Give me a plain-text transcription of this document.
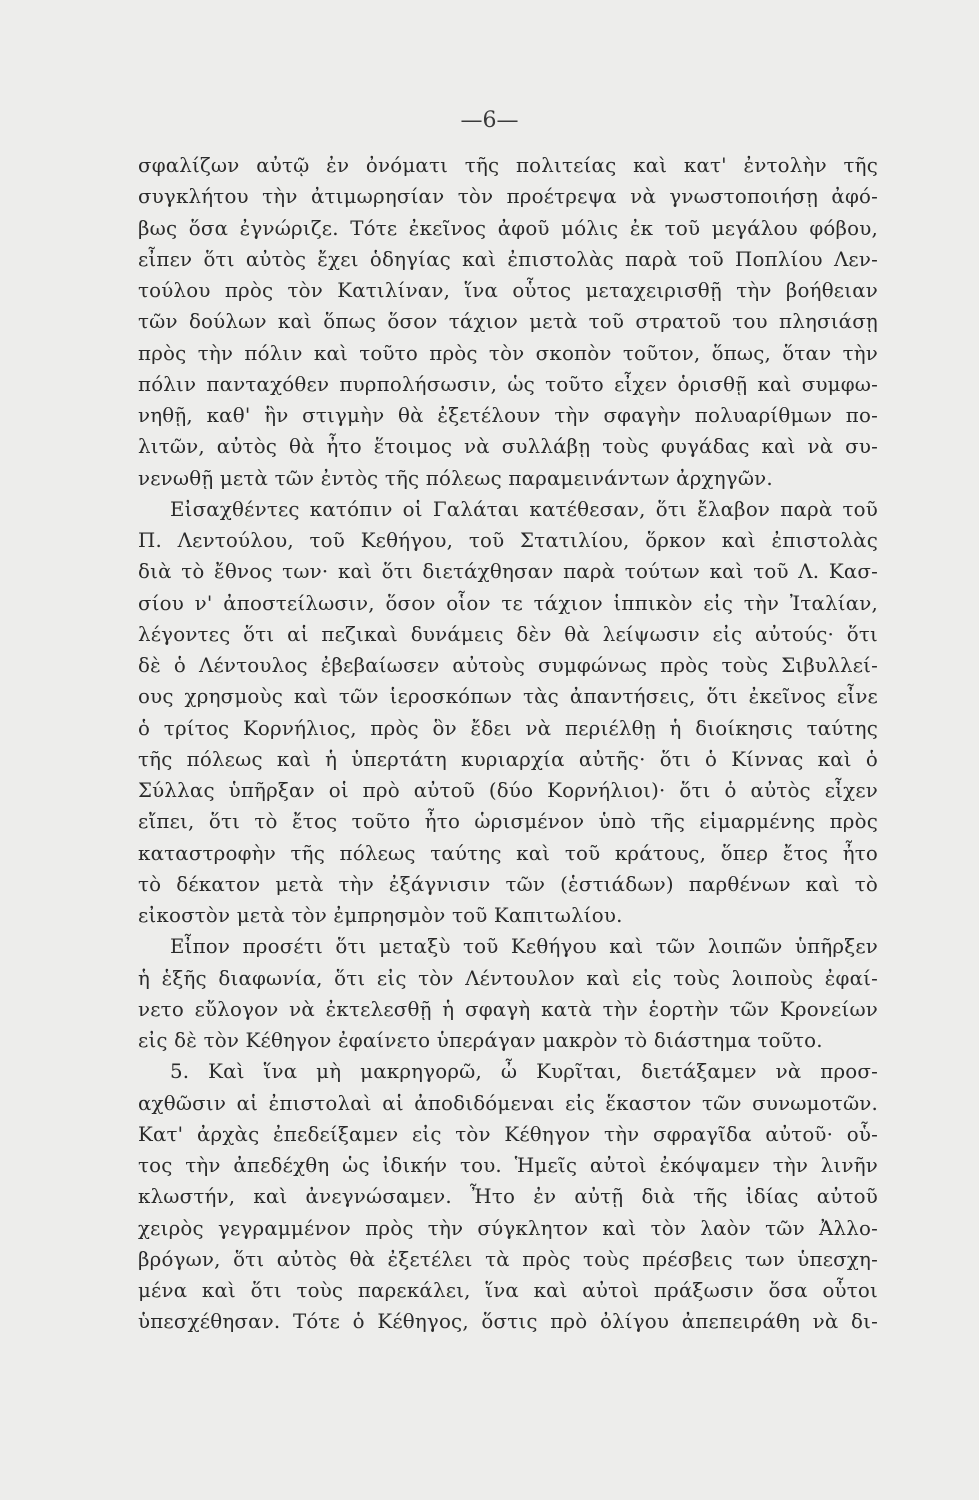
—6—
σφαλίζων αὐτῷ ἐν ὀνόματι τῆς πολιτείας καὶ κατ' ἐντολὴν τῆς
συγκλήτου τὴν ἀτιμωρησίαν τὸν προέτρεψα νὰ γνωστοποιήσῃ ἀφό-
βως ὅσα ἐγνώριζε. Τότε ἐκεῖνος ἀφοῦ μόλις ἐκ τοῦ μεγάλου φόβου,
εἶπεν ὅτι αὐτὸς ἔχει ὁδηγίας καὶ ἐπιστολὰς παρὰ τοῦ Ποπλίου Λεν-
τούλου πρὸς τὸν Κατιλίναν, ἵνα οὗτος μεταχειρισθῇ τὴν βοήθειαν
τῶν δούλων καὶ ὅπως ὅσον τάχιον μετὰ τοῦ στρατοῦ του πλησιάσῃ
πρὸς τὴν πόλιν καὶ τοῦτο πρὸς τὸν σκοπὸν τοῦτον, ὅπως, ὅταν τὴν
πόλιν πανταχόθεν πυρπολήσωσιν, ὡς τοῦτο εἶχεν ὁρισθῇ καὶ συμφω-
νηθῇ, καθ' ἣν στιγμὴν θὰ ἐξετέλουν τὴν σφαγὴν πολυαρίθμων πο-
λιτῶν, αὐτὸς θὰ ἦτο ἕτοιμος νὰ συλλάβῃ τοὺς φυγάδας καὶ νὰ συ-
νενωθῇ μετὰ τῶν ἐντὸς τῆς πόλεως παραμεινάντων ἀρχηγῶν.
Εἰσαχθέντες κατόπιν οἱ Γαλάται κατέθεσαν, ὅτι ἔλαβον παρὰ τοῦ
Π. Λεντούλου, τοῦ Κεθήγου, τοῦ Στατιλίου, ὅρκον καὶ ἐπιστολὰς
διὰ τὸ ἔθνος των· καὶ ὅτι διετάχθησαν παρὰ τούτων καὶ τοῦ Λ. Κασ-
σίου ν' ἀποστείλωσιν, ὅσον οἷον τε τάχιον ἱππικὸν εἰς τὴν Ἰταλίαν,
λέγοντες ὅτι αἱ πεζικαὶ δυνάμεις δὲν θὰ λείψωσιν εἰς αὐτούς· ὅτι
δὲ ὁ Λέντουλος ἐβεβαίωσεν αὐτοὺς συμφώνως πρὸς τοὺς Σιβυλλεί-
ους χρησμοὺς καὶ τῶν ἱεροσκόπων τὰς ἀπαντήσεις, ὅτι ἐκεῖνος εἶνε
ὁ τρίτος Κορνήλιος, πρὸς ὃν ἔδει νὰ περιέλθῃ ἡ διοίκησις ταύτης
τῆς πόλεως καὶ ἡ ὑπερτάτη κυριαρχία αὐτῆς· ὅτι ὁ Κίννας καὶ ὁ
Σύλλας ὑπῆρξαν οἱ πρὸ αὐτοῦ (δύο Κορνήλιοι)· ὅτι ὁ αὐτὸς εἶχεν
εἴπει, ὅτι τὸ ἔτος τοῦτο ἦτο ὡρισμένον ὑπὸ τῆς εἱμαρμένης πρὸς
καταστροφὴν τῆς πόλεως ταύτης καὶ τοῦ κράτους, ὅπερ ἔτος ἦτο
τὸ δέκατον μετὰ τὴν ἐξάγνισιν τῶν (ἑστιάδων) παρθένων καὶ τὸ
εἰκοστὸν μετὰ τὸν ἐμπρησμὸν τοῦ Καπιτωλίου.
Εἶπον προσέτι ὅτι μεταξὺ τοῦ Κεθήγου καὶ τῶν λοιπῶν ὑπῆρξεν
ἡ ἑξῆς διαφωνία, ὅτι εἰς τὸν Λέντουλον καὶ εἰς τοὺς λοιποὺς ἐφαί-
νετο εὔλογον νὰ ἐκτελεσθῇ ἡ σφαγὴ κατὰ τὴν ἑορτὴν τῶν Κρονείων
εἰς δὲ τὸν Κέθηγον ἐφαίνετο ὑπεράγαν μακρὸν τὸ διάστημα τοῦτο.
5. Καὶ ἵνα μὴ μακρηγορῶ, ὦ Κυρῖται, διετάξαμεν νὰ προσ-
αχθῶσιν αἱ ἐπιστολαὶ αἱ ἀποδιδόμεναι εἰς ἕκαστον τῶν συνωμοτῶν.
Κατ' ἀρχὰς ἐπεδείξαμεν εἰς τὸν Κέθηγον τὴν σφραγῖδα αὐτοῦ· οὗ-
τος τὴν ἀπεδέχθη ὡς ἰδικήν του. Ἡμεῖς αὐτοὶ ἐκόψαμεν τὴν λινῆν
κλωστήν, καὶ ἀνεγνώσαμεν. Ἦτο ἐν αὐτῇ διὰ τῆς ἰδίας αὐτοῦ
χειρὸς γεγραμμένον πρὸς τὴν σύγκλητον καὶ τὸν λαὸν τῶν Ἀλλο-
βρόγων, ὅτι αὐτὸς θὰ ἐξετέλει τὰ πρὸς τοὺς πρέσβεις των ὑπεσχη-
μένα καὶ ὅτι τοὺς παρεκάλει, ἵνα καὶ αὐτοὶ πράξωσιν ὅσα οὗτοι
ὑπεσχέθησαν. Τότε ὁ Κέθηγος, ὅστις πρὸ ὀλίγου ἀπεπειράθη νὰ δι-
